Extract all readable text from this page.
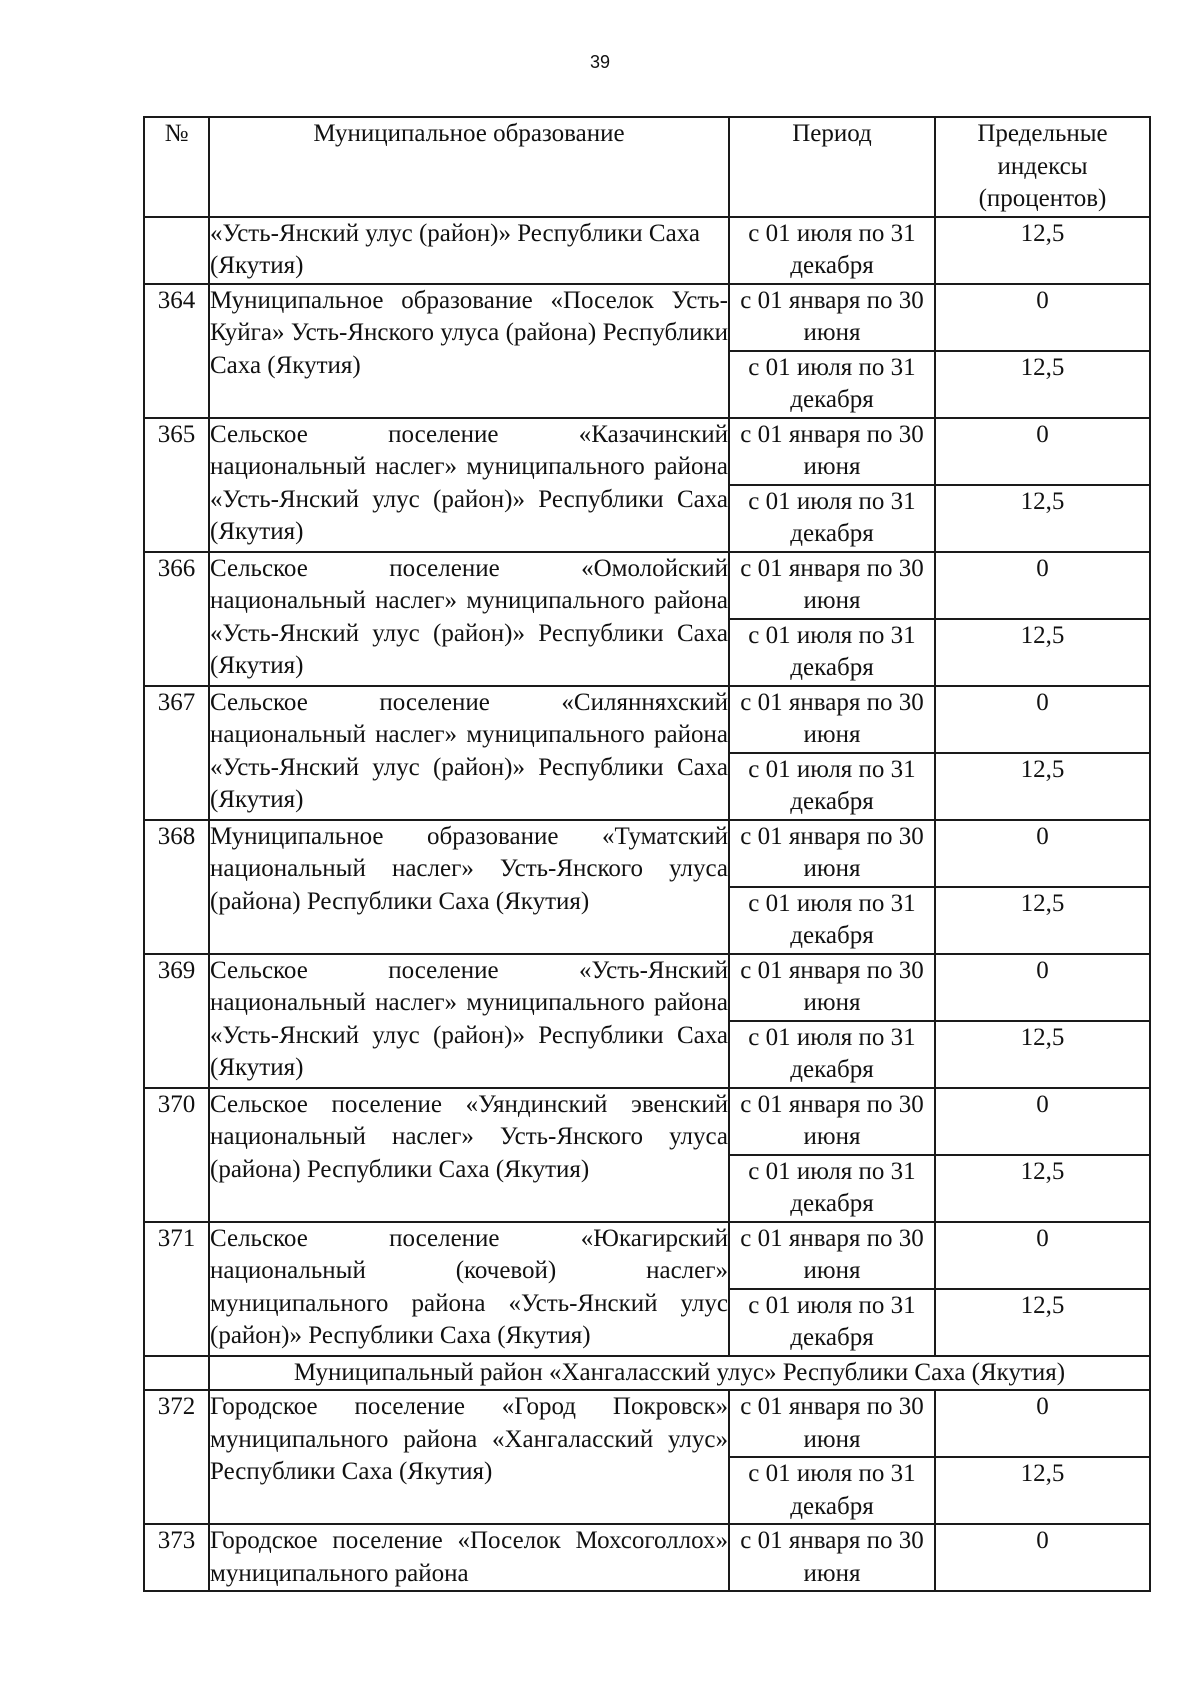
39
№	Муниципальное образование	Период	Предельные индексы (процентов)
	«Усть-Янский улус (район)» Республики Саха (Якутия)	с 01 июля по 31 декабря	12,5
364	Муниципальное образование «Поселок Усть-Куйга» Усть-Янского улуса (района) Республики Саха (Якутия)	с 01 января по 30 июня	0
		с 01 июля по 31 декабря	12,5
365	Сельское поселение «Казачинский национальный наслег» муниципального района «Усть-Янский улус (район)» Республики Саха (Якутия)	с 01 января по 30 июня	0
		с 01 июля по 31 декабря	12,5
366	Сельское поселение «Омолойский национальный наслег» муниципального района «Усть-Янский улус (район)» Республики Саха (Якутия)	с 01 января по 30 июня	0
		с 01 июля по 31 декабря	12,5
367	Сельское поселение «Силянняхский национальный наслег» муниципального района «Усть-Янский улус (район)» Республики Саха (Якутия)	с 01 января по 30 июня	0
		с 01 июля по 31 декабря	12,5
368	Муниципальное образование «Туматский национальный наслег» Усть-Янского улуса (района) Республики Саха (Якутия)	с 01 января по 30 июня	0
		с 01 июля по 31 декабря	12,5
369	Сельское поселение «Усть-Янский национальный наслег» муниципального района «Усть-Янский улус (район)» Республики Саха (Якутия)	с 01 января по 30 июня	0
		с 01 июля по 31 декабря	12,5
370	Сельское поселение «Уяндинский эвенский национальный наслег» Усть-Янского улуса (района) Республики Саха (Якутия)	с 01 января по 30 июня	0
		с 01 июля по 31 декабря	12,5
371	Сельское поселение «Юкагирский национальный (кочевой) наслег» муниципального района «Усть-Янский улус (район)» Республики Саха (Якутия)	с 01 января по 30 июня	0
		с 01 июля по 31 декабря	12,5
	Муниципальный район «Хангаласский улус» Республики Саха (Якутия)		
372	Городское поселение «Город Покровск» муниципального района «Хангаласский улус» Республики Саха (Якутия)	с 01 января по 30 июня	0
		с 01 июля по 31 декабря	12,5
373	Городское поселение «Поселок Мохсоголлох» муниципального района	с 01 января по 30 июня	0
